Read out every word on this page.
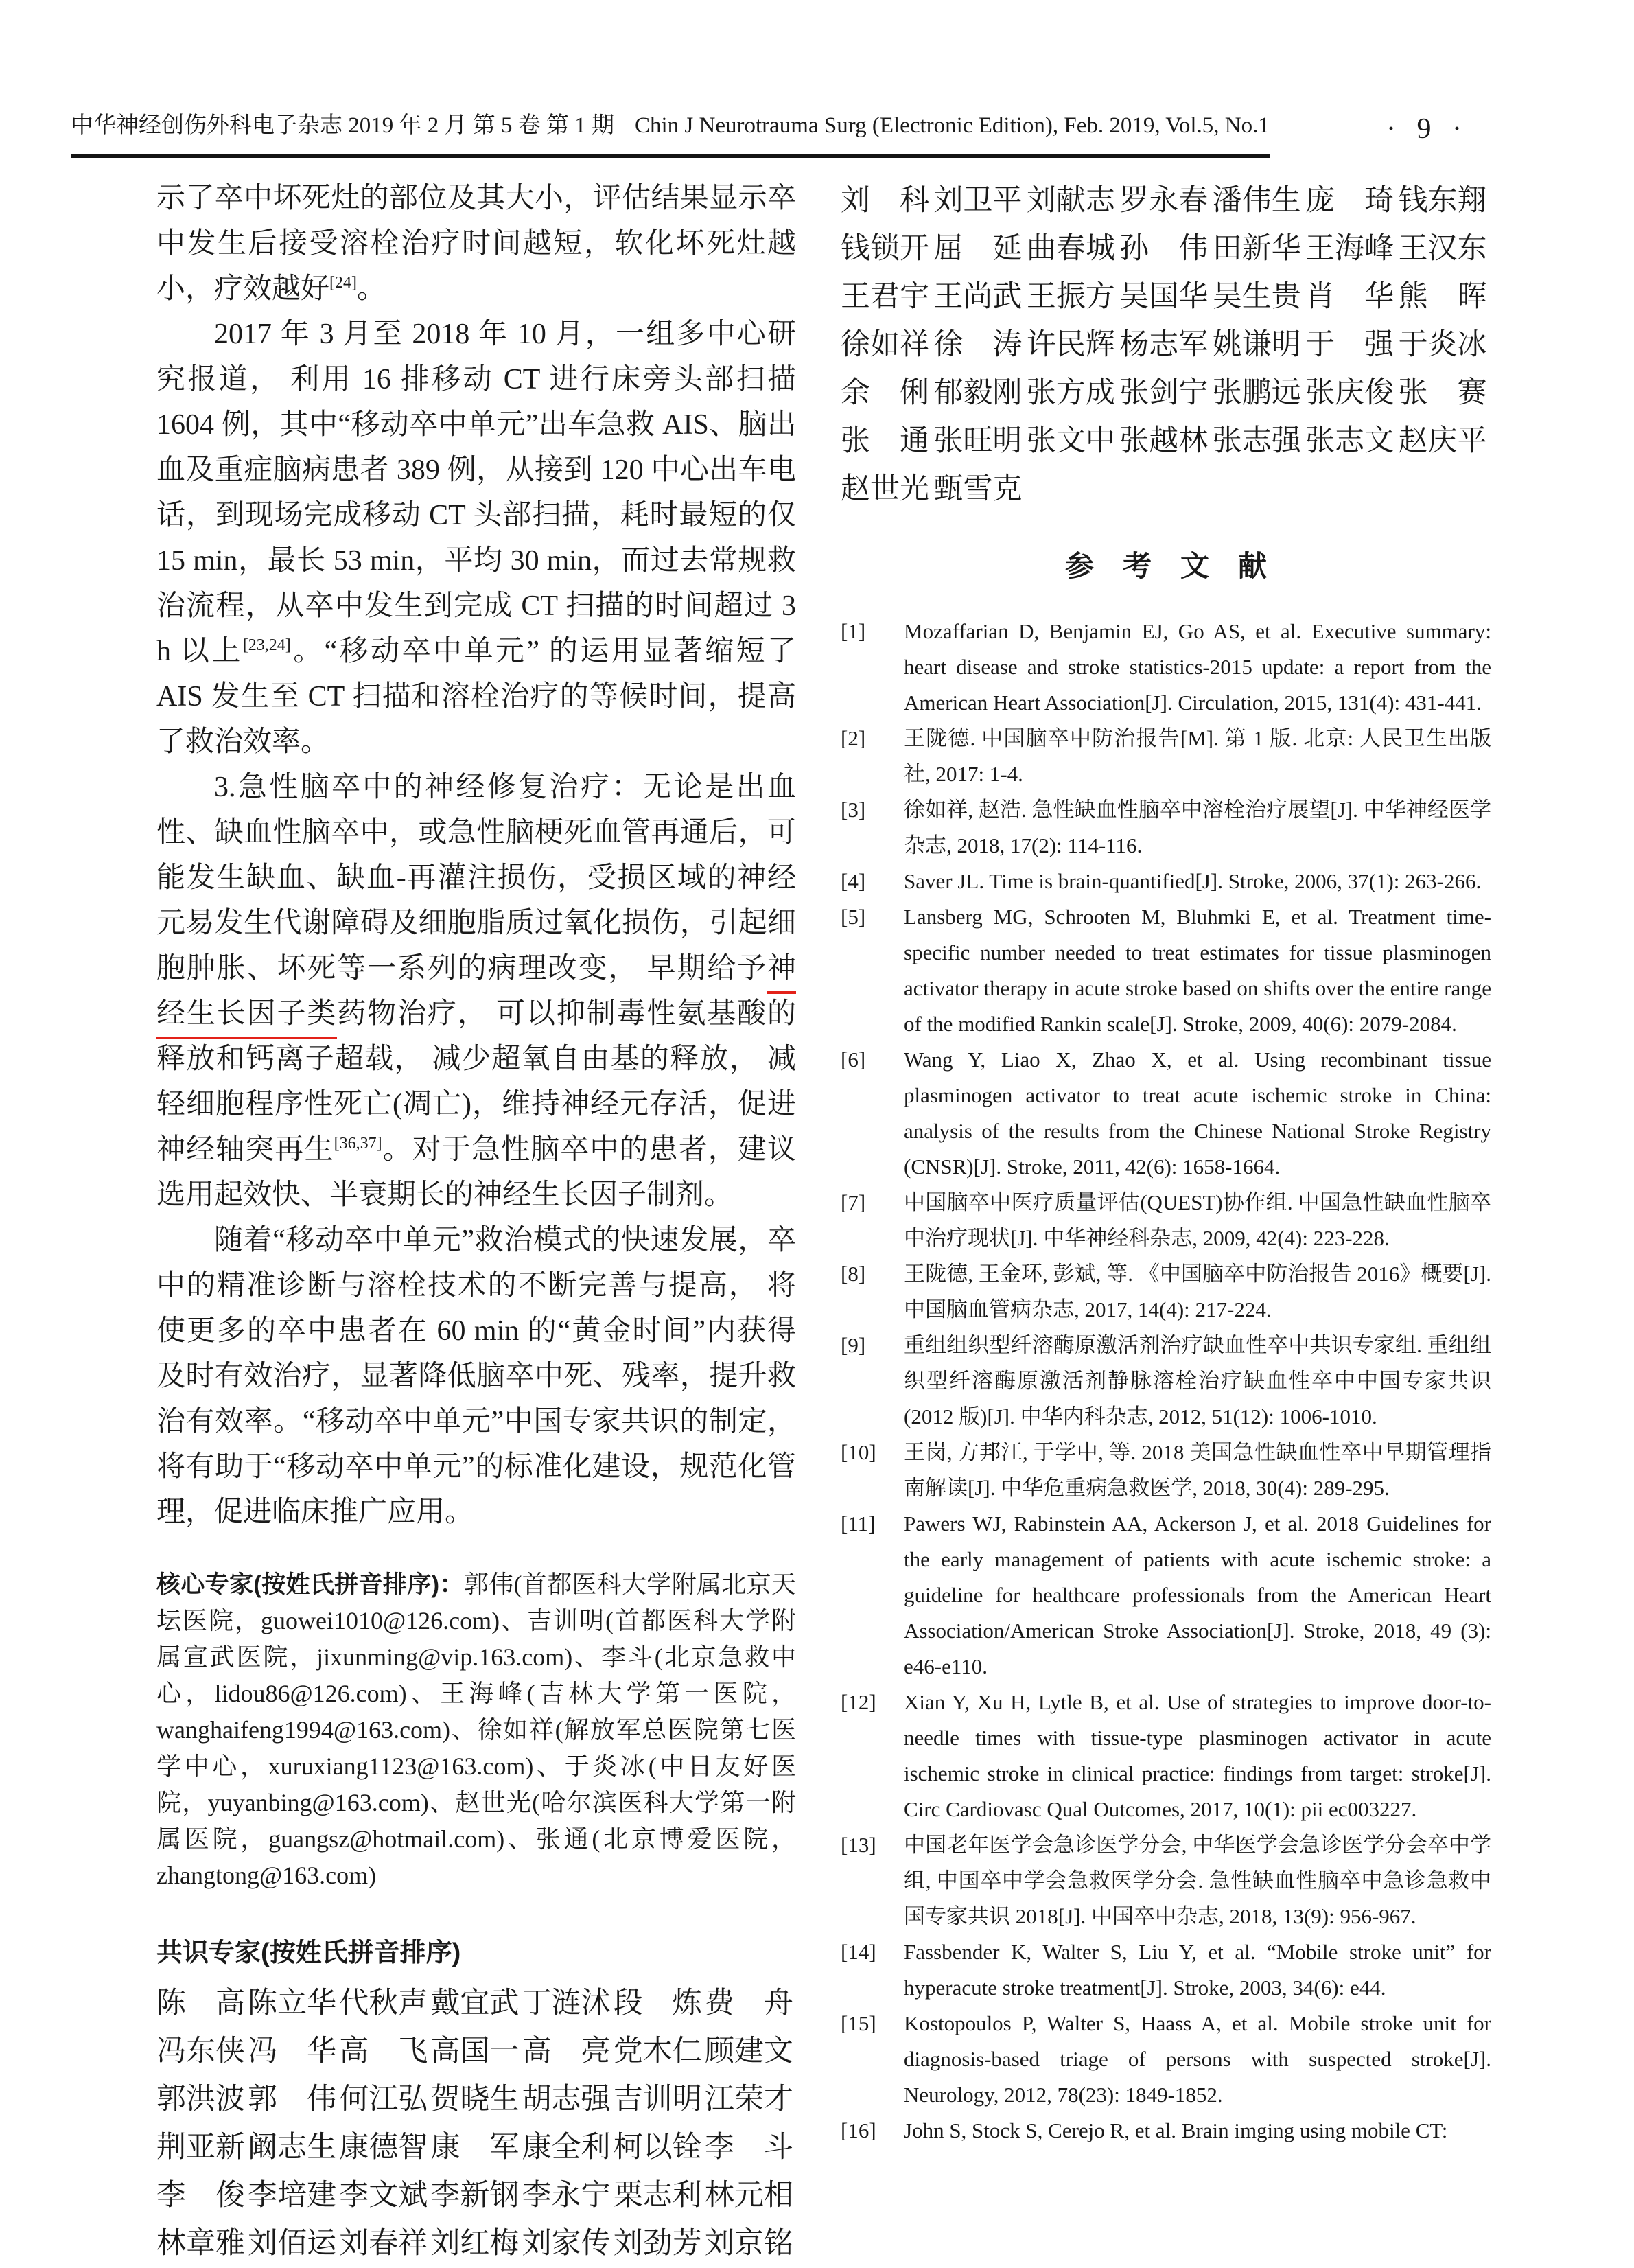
中华神经创伤外科电子杂志 2019 年 2 月 第 5 卷 第 1 期 Chin J Neurotrauma Surg (Electronic Edition), Feb. 2019, Vol.5, No.1	· 9 ·

示了卒中坏死灶的部位及其大小，评估结果显示卒中发生后接受溶栓治疗时间越短，软化坏死灶越小，疗效越好[24]。

2017 年 3 月至 2018 年 10 月，一组多中心研究报道， 利用 16 排移动 CT 进行床旁头部扫描 1604 例，其中“移动卒中单元”出车急救 AIS、脑出血及重症脑病患者 389 例，从接到 120 中心出车电话，到现场完成移动 CT 头部扫描，耗时最短的仅 15 min，最长 53 min，平均 30 min，而过去常规救治流程，从卒中发生到完成 CT 扫描的时间超过 3 h 以上[23,24]。“移动卒中单元” 的运用显著缩短了 AIS 发生至 CT 扫描和溶栓治疗的等候时间，提高了救治效率。

3.急性脑卒中的神经修复治疗：无论是出血性、缺血性脑卒中，或急性脑梗死血管再通后，可能发生缺血、缺血-再灌注损伤，受损区域的神经元易发生代谢障碍及细胞脂质过氧化损伤，引起细胞肿胀、坏死等一系列的病理改变， 早期给予神经生长因子类药物治疗， 可以抑制毒性氨基酸的释放和钙离子超载， 减少超氧自由基的释放， 减轻细胞程序性死亡(凋亡)，维持神经元存活，促进神经轴突再生[36,37]。对于急性脑卒中的患者，建议选用起效快、半衰期长的神经生长因子制剂。

随着“移动卒中单元”救治模式的快速发展，卒中的精准诊断与溶栓技术的不断完善与提高， 将使更多的卒中患者在 60 min 的“黄金时间”内获得及时有效治疗，显著降低脑卒中死、残率，提升救治有效率。“移动卒中单元”中国专家共识的制定，将有助于“移动卒中单元”的标准化建设，规范化管理，促进临床推广应用。

核心专家(按姓氏拼音排序)：郭伟(首都医科大学附属北京天坛医院，guowei1010@126.com)、吉训明(首都医科大学附属宣武医院，jixunming@vip.163.com)、李斗(北京急救中心，lidou86@126.com)、王海峰(吉林大学第一医院，wanghaifeng1994@163.com)、徐如祥(解放军总医院第七医学中心，xuruxiang1123@163.com)、于炎冰(中日友好医院，yuyanbing@163.com)、赵世光(哈尔滨医科大学第一附属医院，guangsz@hotmail.com)、张通(北京博爱医院，zhangtong@163.com)

共识专家(按姓氏拼音排序)

陈　高 陈立华 代秋声 戴宜武 丁涟沭 段　炼 费　舟
冯东侠 冯　华 高　飞 高国一 高　亮 党木仁 顾建文
郭洪波 郭　伟 何江弘 贺晓生 胡志强 吉训明 江荣才
荆亚新 阚志生 康德智 康　军 康全利 柯以铨 李　斗
李　俊 李培建 李文斌 李新钢 李永宁 栗志利 林元相
林章雅 刘佰运 刘春祥 刘红梅 刘家传 刘劲芳 刘京铭
刘　科 刘卫平 刘献志 罗永春 潘伟生 庞　琦 钱东翔
钱锁开 屈　延 曲春城 孙　伟 田新华 王海峰 王汉东
王君宇 王尚武 王振方 吴国华 吴生贵 肖　华 熊　晖
徐如祥 徐　涛 许民辉 杨志军 姚谦明 于　强 于炎冰
余　俐 郁毅刚 张方成 张剑宁 张鹏远 张庆俊 张　赛
张　通 张旺明 张文中 张越林 张志强 张志文 赵庆平
赵世光 甄雪克

参　考　文　献

[1]	Mozaffarian D, Benjamin EJ, Go AS, et al. Executive summary: heart disease and stroke statistics-2015 update: a report from the American Heart Association[J]. Circulation, 2015, 131(4): 431-441.
[2]	王陇德. 中国脑卒中防治报告[M]. 第 1 版. 北京: 人民卫生出版社, 2017: 1-4.
[3]	徐如祥, 赵浩. 急性缺血性脑卒中溶栓治疗展望[J]. 中华神经医学杂志, 2018, 17(2): 114-116.
[4]	Saver JL. Time is brain-quantified[J]. Stroke, 2006, 37(1): 263-266.
[5]	Lansberg MG, Schrooten M, Bluhmki E, et al. Treatment time-specific number needed to treat estimates for tissue plasminogen activator therapy in acute stroke based on shifts over the entire range of the modified Rankin scale[J]. Stroke, 2009, 40(6): 2079-2084.
[6]	Wang Y, Liao X, Zhao X, et al. Using recombinant tissue plasminogen activator to treat acute ischemic stroke in China: analysis of the results from the Chinese National Stroke Registry (CNSR)[J]. Stroke, 2011, 42(6): 1658-1664.
[7]	中国脑卒中医疗质量评估(QUEST)协作组. 中国急性缺血性脑卒中治疗现状[J]. 中华神经科杂志, 2009, 42(4): 223-228.
[8]	王陇德, 王金环, 彭斌, 等. 《中国脑卒中防治报告 2016》概要[J]. 中国脑血管病杂志, 2017, 14(4): 217-224.
[9]	重组组织型纤溶酶原激活剂治疗缺血性卒中共识专家组. 重组组织型纤溶酶原激活剂静脉溶栓治疗缺血性卒中中国专家共识(2012 版)[J]. 中华内科杂志, 2012, 51(12): 1006-1010.
[10]	王岗, 方邦江, 于学中, 等. 2018 美国急性缺血性卒中早期管理指南解读[J]. 中华危重病急救医学, 2018, 30(4): 289-295.
[11]	Pawers WJ, Rabinstein AA, Ackerson J, et al. 2018 Guidelines for the early management of patients with acute ischemic stroke: a guideline for healthcare professionals from the American Heart Association/American Stroke Association[J]. Stroke, 2018, 49 (3): e46-e110.
[12]	Xian Y, Xu H, Lytle B, et al. Use of strategies to improve door-to-needle times with tissue-type plasminogen activator in acute ischemic stroke in clinical practice: findings from target: stroke[J]. Circ Cardiovasc Qual Outcomes, 2017, 10(1): pii ec003227.
[13]	中国老年医学会急诊医学分会, 中华医学会急诊医学分会卒中学组, 中国卒中学会急救医学分会. 急性缺血性脑卒中急诊急救中国专家共识 2018[J]. 中国卒中杂志, 2018, 13(9): 956-967.
[14]	Fassbender K, Walter S, Liu Y, et al. “Mobile stroke unit” for hyperacute stroke treatment[J]. Stroke, 2003, 34(6): e44.
[15]	Kostopoulos P, Walter S, Haass A, et al. Mobile stroke unit for diagnosis-based triage of persons with suspected stroke[J]. Neurology, 2012, 78(23): 1849-1852.
[16]	John S, Stock S, Cerejo R, et al. Brain imging using mobile CT:
